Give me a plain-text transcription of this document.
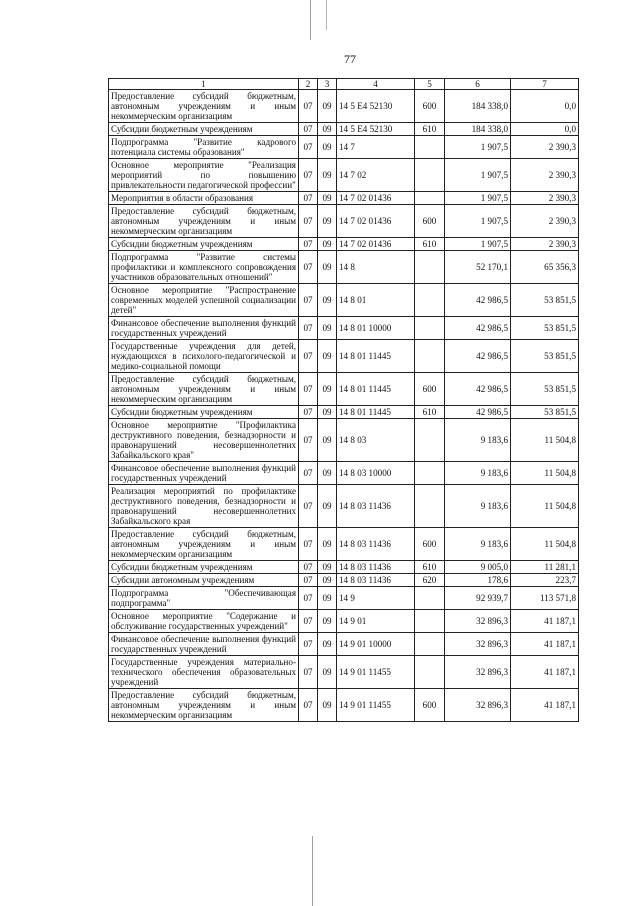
77
1	2	3	4	5	6	7
Предоставление субсидий бюджетным, автономным учреждениям и иным некоммерческим организациям	07	09	14 5 E4 52130	600	184 338,0	0,0
Субсидии бюджетным учреждениям	07	09	14 5 E4 52130	610	184 338,0	0,0
Подпрограмма "Развитие кадрового потенциала системы образования"	07	09	14 7		1 907,5	2 390,3
Основное мероприятие "Реализация мероприятий по повышению привлекательности педагогической профессии"	07	09	14 7 02		1 907,5	2 390,3
Мероприятия в области образования	07	09	14 7 02 01436		1 907,5	2 390,3
Предоставление субсидий бюджетным, автономным учреждениям и иным некоммерческим организациям	07	09	14 7 02 01436	600	1 907,5	2 390,3
Субсидии бюджетным учреждениям	07	09	14 7 02 01436	610	1 907,5	2 390,3
Подпрограмма "Развитие системы профилактики и комплексного сопровождения участников образовательных отношений"	07	09	14 8		52 170,1	65 356,3
Основное мероприятие "Распространение современных моделей успешной социализации детей"	07	09	14 8 01		42 986,5	53 851,5
Финансовое обеспечение выполнения функций государственных учреждений	07	09	14 8 01 10000		42 986,5	53 851,5
Государственные учреждения для детей, нуждающихся в психолого-педагогической и медико-социальной помощи	07	09	14 8 01 11445		42 986,5	53 851,5
Предоставление субсидий бюджетным, автономным учреждениям и иным некоммерческим организациям	07	09	14 8 01 11445	600	42 986,5	53 851,5
Субсидии бюджетным учреждениям	07	09	14 8 01 11445	610	42 986,5	53 851,5
Основное мероприятие "Профилактика деструктивного поведения, безнадзорности и правонарушений несовершеннолетних Забайкальского края"	07	09	14 8 03		9 183,6	11 504,8
Финансовое обеспечение выполнения функций государственных учреждений	07	09	14 8 03 10000		9 183,6	11 504,8
Реализация мероприятий по профилактике деструктивного поведения, безнадзорности и правонарушений несовершеннолетних Забайкальского края	07	09	14 8 03 11436		9 183,6	11 504,8
Предоставление субсидий бюджетным, автономным учреждениям и иным некоммерческим организациям	07	09	14 8 03 11436	600	9 183,6	11 504,8
Субсидии бюджетным учреждениям	07	09	14 8 03 11436	610	9 005,0	11 281,1
Субсидии автономным учреждениям	07	09	14 8 03 11436	620	178,6	223,7
Подпрограмма "Обеспечивающая подпрограмма"	07	09	14 9		92 939,7	113 571,8
Основное мероприятие "Содержание и обслуживание государственных учреждений"	07	09	14 9 01		32 896,3	41 187,1
Финансовое обеспечение выполнения функций государственных учреждений	07	09	14 9 01 10000		32 896,3	41 187,1
Государственные учреждения материально-технического обеспечения образовательных учреждений	07	09	14 9 01 11455		32 896,3	41 187,1
Предоставление субсидий бюджетным, автономным учреждениям и иным некоммерческим организациям	07	09	14 9 01 11455	600	32 896,3	41 187,1
